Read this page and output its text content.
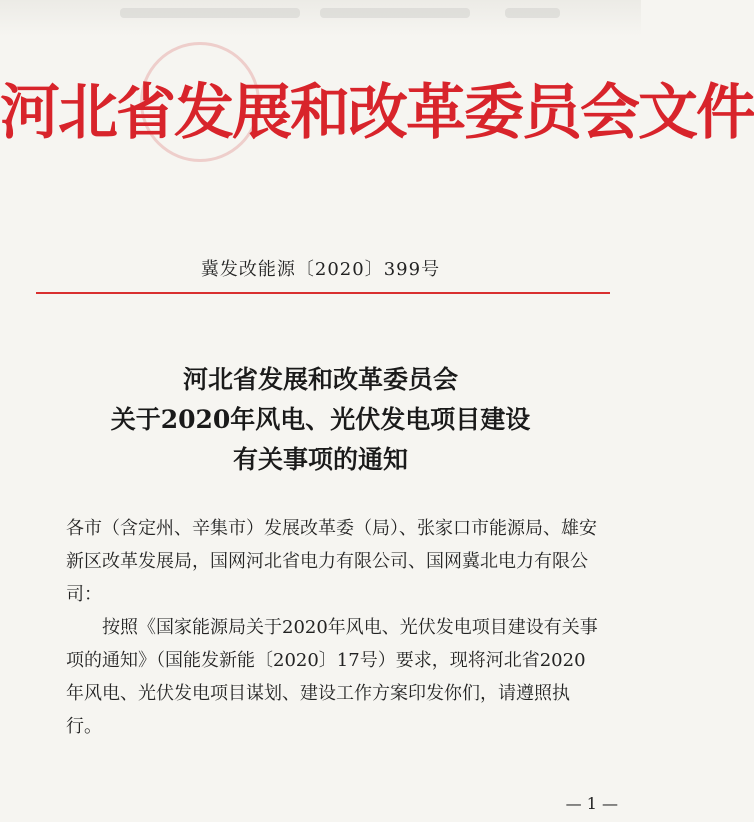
河北省发展和改革委员会文件
冀发改能源〔2020〕399号
河北省发展和改革委员会
关于2020年风电、光伏发电项目建设
有关事项的通知

各市（含定州、辛集市）发展改革委（局）、张家口市能源局、雄安新区改革发展局，国网河北省电力有限公司、国网冀北电力有限公司：

按照《国家能源局关于2020年风电、光伏发电项目建设有关事项的通知》（国能发新能〔2020〕17号）要求，现将河北省2020年风电、光伏发电项目谋划、建设工作方案印发你们，请遵照执行。

— 1 —
